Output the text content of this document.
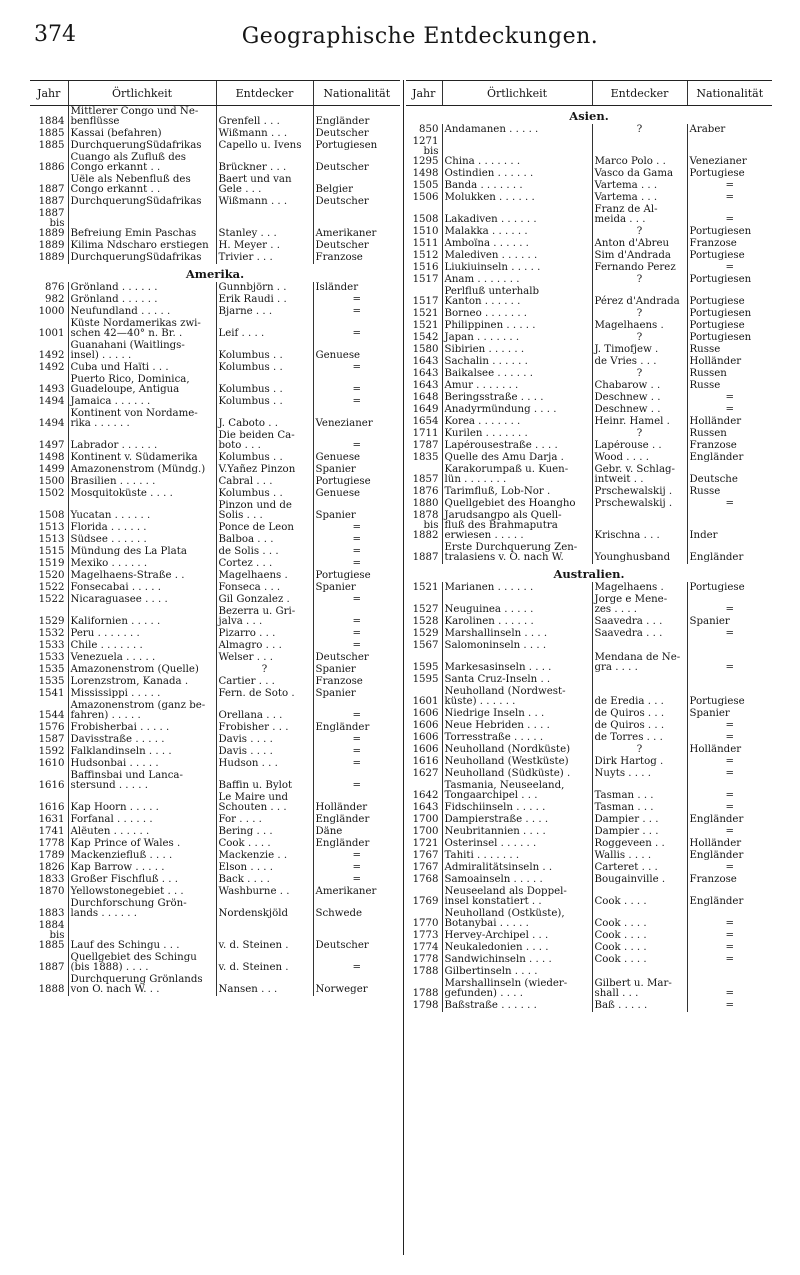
374	Geographische Entdeckungen.
Jahr	Örtlichkeit	Entdecker	Nationalität
1884	Mittlerer Congo und Ne-
benflüsse	Grenfell . . .	Engländer
1885	Kassai (befahren)	Wißmann . . .	Deutscher
1885	DurchquerungSüdafrikas	Capello u. Ivens	Portugiesen
1886	Cuango als Zufluß des
Congo erkannt . .	Brückner . . .	Deutscher
1887	Uële als Nebenfluß des
Congo erkannt . .	Baert und van
Gele . . .	Belgier
1887	DurchquerungSüdafrikas	Wißmann . . .	Deutscher
1887
bis
1889	Befreiung Emin Paschas	Stanley . . .	Amerikaner
1889	Kilima Ndscharo erstiegen	H. Meyer . .	Deutscher
1889	DurchquerungSüdafrikas	Trivier . . .	Franzose
Amerika.			
876	Grönland . . . . . .	Gunnbjörn . .	Isländer
982	Grönland . . . . . .	Erik Raudi . .	=
1000	Neufundland . . . . .	Bjarne . . .	=
1001	Küste Nordamerikas zwi-
schen 42—40° n. Br. .	Leif . . . .	=
1492	Guanahani (Waitlings-
insel) . . . . .	Kolumbus . .	Genuese
1492	Cuba und Haïti . . .	Kolumbus . .	=
1493	Puerto Rico, Dominica,
Guadeloupe, Antigua	Kolumbus . .	=
1494	Jamaica . . . . . .	Kolumbus . .	=
1494	Kontinent von Nordame-
rika . . . . . .	J. Caboto . .	Venezianer
1497	Labrador . . . . . .	Die beiden Ca-
boto . . .	=
1498	Kontinent v. Südamerika	Kolumbus . .	Genuese
1499	Amazonenstrom (Mündg.)	V.Yañez Pinzon	Spanier
1500	Brasilien . . . . . .	Cabral . . .	Portugiese
1502	Mosquitoküste . . . .	Kolumbus . .	Genuese
1508	Yucatan . . . . . .	Pinzon und de
Solis . . .	Spanier
1513	Florida . . . . . .	Ponce de Leon	=
1513	Südsee . . . . . .	Balboa . . .	=
1515	Mündung des La Plata	de Solis . . .	=
1519	Mexiko . . . . . .	Cortez . . .	=
1520	Magelhaens-Straße . .	Magelhaens .	Portugiese
1522	Fonsecabai . . . . .	Fonseca . . .	Spanier
1522	Nicaraguasee . . . .	Gil Gonzalez .	=
1529	Kalifornien . . . . .	Bezerra u. Gri-
jalva . . .	=
1532	Peru . . . . . . .	Pizarro . . .	=
1533	Chile . . . . . . .	Almagro . . .	=
1533	Venezuela . . . . .	Welser . . .	Deutscher
1535	Amazonenstrom (Quelle)	?	Spanier
1535	Lorenzstrom, Kanada .	Cartier . . .	Franzose
1541	Mississippi . . . . .	Fern. de Soto .	Spanier
1544	Amazonenstrom (ganz be-
fahren) . . . . .	Orellana . . .	=
1576	Frobisherbai . . . . .	Frobisher . . .	Engländer
1587	Davisstraße . . . . .	Davis . . . .	=
1592	Falklandinseln . . . .	Davis . . . .	=
1610	Hudsonbai . . . . .	Hudson . . .	=
1616	Baffinsbai und Lanca-
stersund . . . . .	Baffin u. Bylot	=
1616	Kap Hoorn . . . . .	Le Maire und
Schouten . . .	Holländer
1631	Forfanal . . . . . .	For . . . .	Engländer
1741	Alëuten . . . . . .	Bering . . .	Däne
1778	Kap Prince of Wales .	Cook . . . .	Engländer
1789	Mackenziefluß . . . .	Mackenzie . .	=
1826	Kap Barrow . . . . .	Elson . . . .	=
1833	Großer Fischfluß . . .	Back . . . .	=
1870	Yellowstonegebiet . . .	Washburne . .	Amerikaner
1883	Durchforschung Grön-
lands . . . . . .	Nordenskjöld	Schwede
1884
bis
1885	Lauf des Schingu . . .	v. d. Steinen .	Deutscher
1887	Quellgebiet des Schingu
(bis 1888) . . . .	v. d. Steinen .	=
1888	Durchquerung Grönlands
von O. nach W. . .	Nansen . . .	Norweger
Jahr	Örtlichkeit	Entdecker	Nationalität
Asien.			
850	Andamanen . . . . .	?	Araber
1271
bis
1295	China . . . . . . .	Marco Polo . .	Venezianer
1498	Ostindien . . . . . .	Vasco da Gama	Portugiese
1505	Banda . . . . . . .	Vartema . . .	=
1506	Molukken . . . . . .	Vartema . . .	=
1508	Lakadiven . . . . . .	Franz de Al-
meida . . .	=
1510	Malakka . . . . . .	?	Portugiesen
1511	Amboïna . . . . . .	Anton d'Abreu	Franzose
1512	Malediven . . . . . .	Sim d'Andrada	Portugiese
1516	Liukiuinseln . . . . .	Fernando Perez	=
1517	Anam . . . . . . .	?	Portugiesen
1517	Perlfluß unterhalb
Kanton . . . . . .	Pérez d'Andrada	Portugiese
1521	Borneo . . . . . . .	?	Portugiesen
1521	Philippinen . . . . .	Magelhaens .	Portugiese
1542	Japan . . . . . . .	?	Portugiesen
1580	Sibirien . . . . . .	J. Timofjew .	Russe
1643	Sachalin . . . . . .	de Vries . . .	Holländer
1643	Baikalsee . . . . . .	?	Russen
1643	Amur . . . . . . .	Chabarow . .	Russe
1648	Beringsstraße . . . .	Deschnew . .	=
1649	Anadyrmündung . . . .	Deschnew . .	=
1654	Korea . . . . . . .	Heinr. Hamel .	Holländer
1711	Kurilen . . . . . . .	?	Russen
1787	Lapérousestraße . . . .	Lapérouse . .	Franzose
1835	Quelle des Amu Darja .	Wood . . . .	Engländer
1857	Karakorumpaß u. Kuen-
lün . . . . . . .	Gebr. v. Schlag-
intweit . .	Deutsche
1876	Tarimfluß, Lob-Nor .	Prschewalskij .	Russe
1880	Quellgebiet des Hoangho	Prschewalskij .	=
1878
bis
1882	Jarudsangpo als Quell-
fluß des Brahmaputra
erwiesen . . . . .	Krischna . . .	Inder
1887	Erste Durchquerung Zen-
tralasiens v. O. nach W.	Younghusband	Engländer
Australien.			
1521	Marianen . . . . . .	Magelhaens .	Portugiese
1527	Neuguinea . . . . .	Jorge e Mene-
zes . . . .	=
1528	Karolinen . . . . . .	Saavedra . . .	Spanier
1529	Marshallinseln . . . .	Saavedra . . .	=
1567	Salomoninseln . . . .		
1595	Markesasinseln . . . .	Mendana de Ne-
gra . . . .	=
1595	Santa Cruz-Inseln . .		
1601	Neuholland (Nordwest-
küste) . . . . . .	de Eredia . . .	Portugiese
1606	Niedrige Inseln . . .	de Quiros . . .	Spanier
1606	Neue Hebriden . . . .	de Quiros . . .	=
1606	Torresstraße . . . . .	de Torres . . .	=
1606	Neuholland (Nordküste)	?	Holländer
1616	Neuholland (Westküste)	Dirk Hartog .	=
1627	Neuholland (Südküste) .	Nuyts . . . .	=
1642	Tasmania, Neuseeland,
Tongaarchipel . . .	Tasman . . .	=
1643	Fidschiinseln . . . . .	Tasman . . .	=
1700	Dampierstraße . . . .	Dampier . . .	Engländer
1700	Neubritannien . . . .	Dampier . . .	=
1721	Osterinsel . . . . . .	Roggeveen . .	Holländer
1767	Tahiti . . . . . . .	Wallis . . . .	Engländer
1767	Admiralitätsinseln . .	Carteret . . .	=
1768	Samoainseln . . . . .	Bougainville .	Franzose
1769	Neuseeland als Doppel-
insel konstatiert . .	Cook . . . .	Engländer
1770	Neuholland (Ostküste),
Botanybai . . . . .	Cook . . . .	=
1773	Hervey-Archipel . . .	Cook . . . .	=
1774	Neukaledonien . . . .	Cook . . . .	=
1778	Sandwichinseln . . . .	Cook . . . .	=
1788	Gilbertinseln . . . .		
1788	Marshallinseln (wieder-
gefunden) . . . .	Gilbert u. Mar-
shall . . .	=
1798	Baßstraße . . . . . .	Baß . . . . .	=
